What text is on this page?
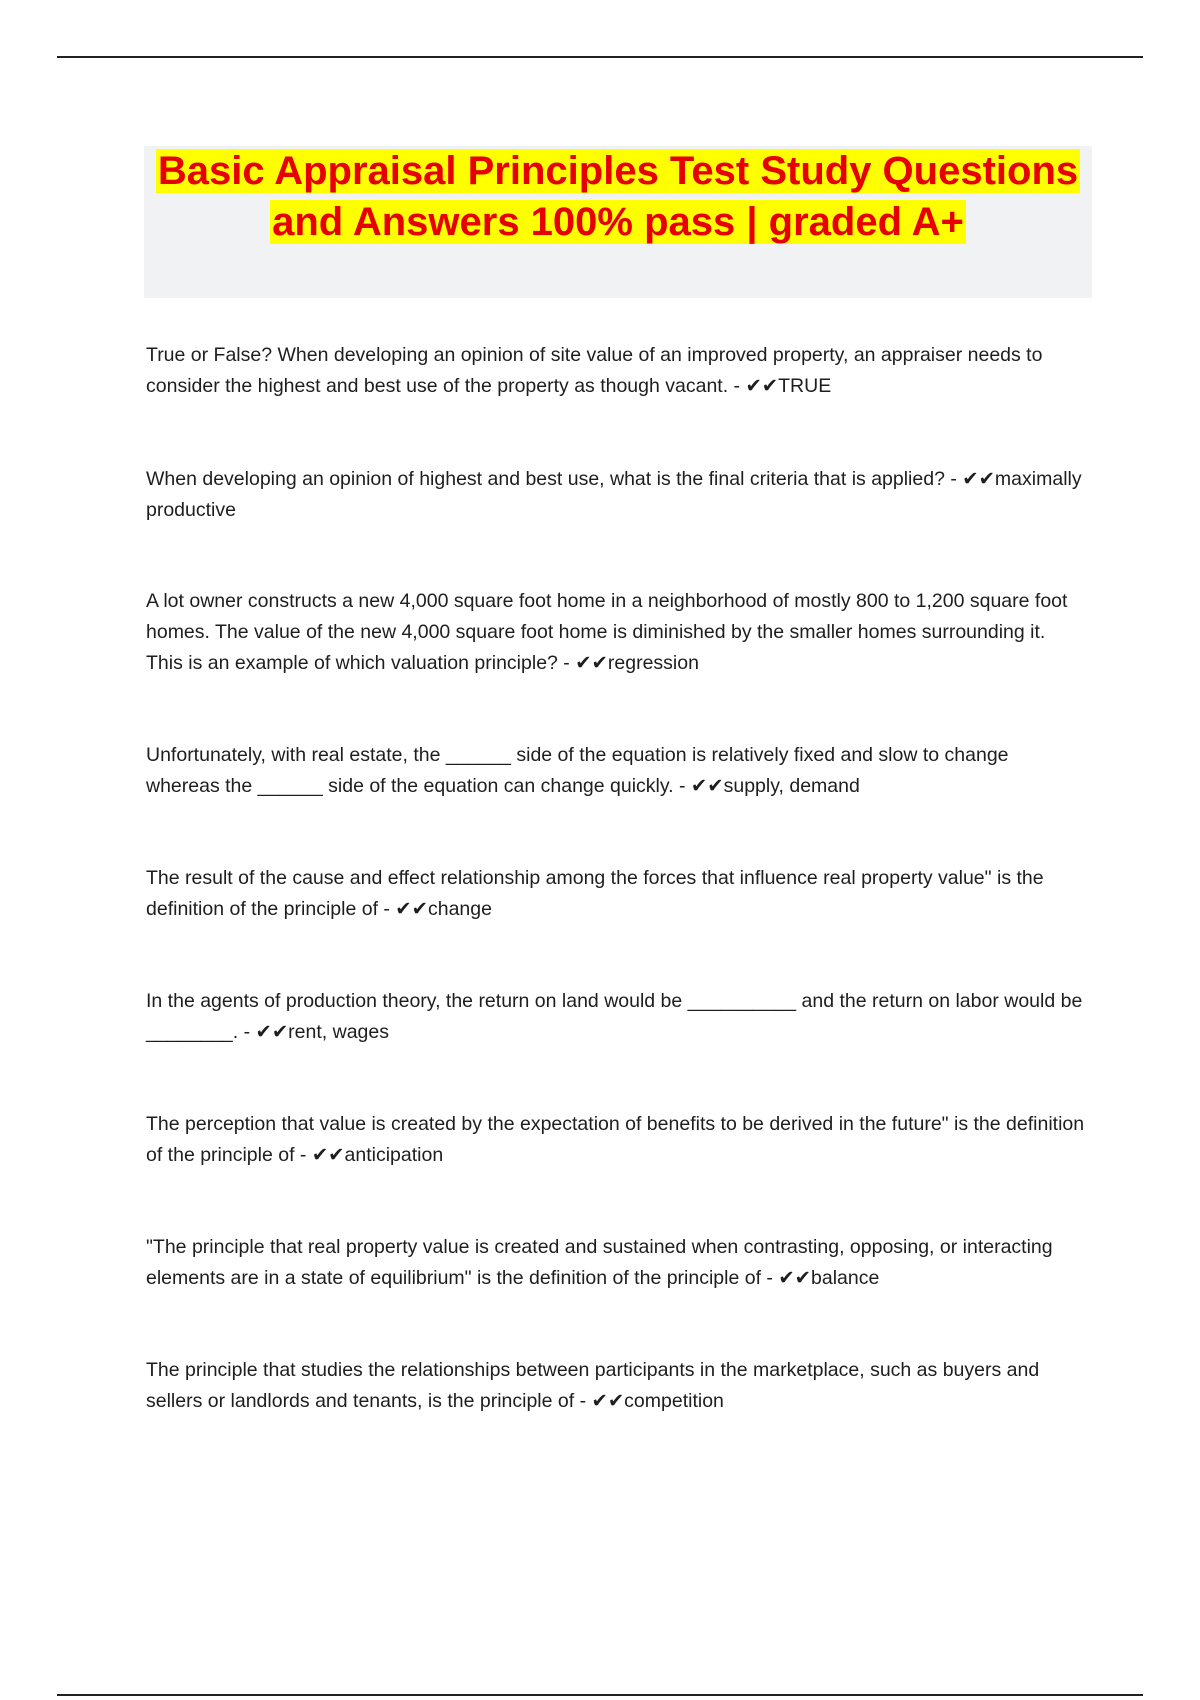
Basic Appraisal Principles Test Study Questions and Answers 100% pass | graded A+

True or False? When developing an opinion of site value of an improved property, an appraiser needs to consider the highest and best use of the property as though vacant. - ✔✔TRUE

When developing an opinion of highest and best use, what is the final criteria that is applied? - ✔✔maximally productive

A lot owner constructs a new 4,000 square foot home in a neighborhood of mostly 800 to 1,200 square foot homes. The value of the new 4,000 square foot home is diminished by the smaller homes surrounding it. This is an example of which valuation principle? - ✔✔regression

Unfortunately, with real estate, the ______ side of the equation is relatively fixed and slow to change whereas the ______ side of the equation can change quickly. - ✔✔supply, demand

The result of the cause and effect relationship among the forces that influence real property value" is the definition of the principle of - ✔✔change

In the agents of production theory, the return on land would be __________ and the return on labor would be ________. - ✔✔rent, wages

The perception that value is created by the expectation of benefits to be derived in the future" is the definition of the principle of - ✔✔anticipation

"The principle that real property value is created and sustained when contrasting, opposing, or interacting elements are in a state of equilibrium" is the definition of the principle of - ✔✔balance

The principle that studies the relationships between participants in the marketplace, such as buyers and sellers or landlords and tenants, is the principle of - ✔✔competition
